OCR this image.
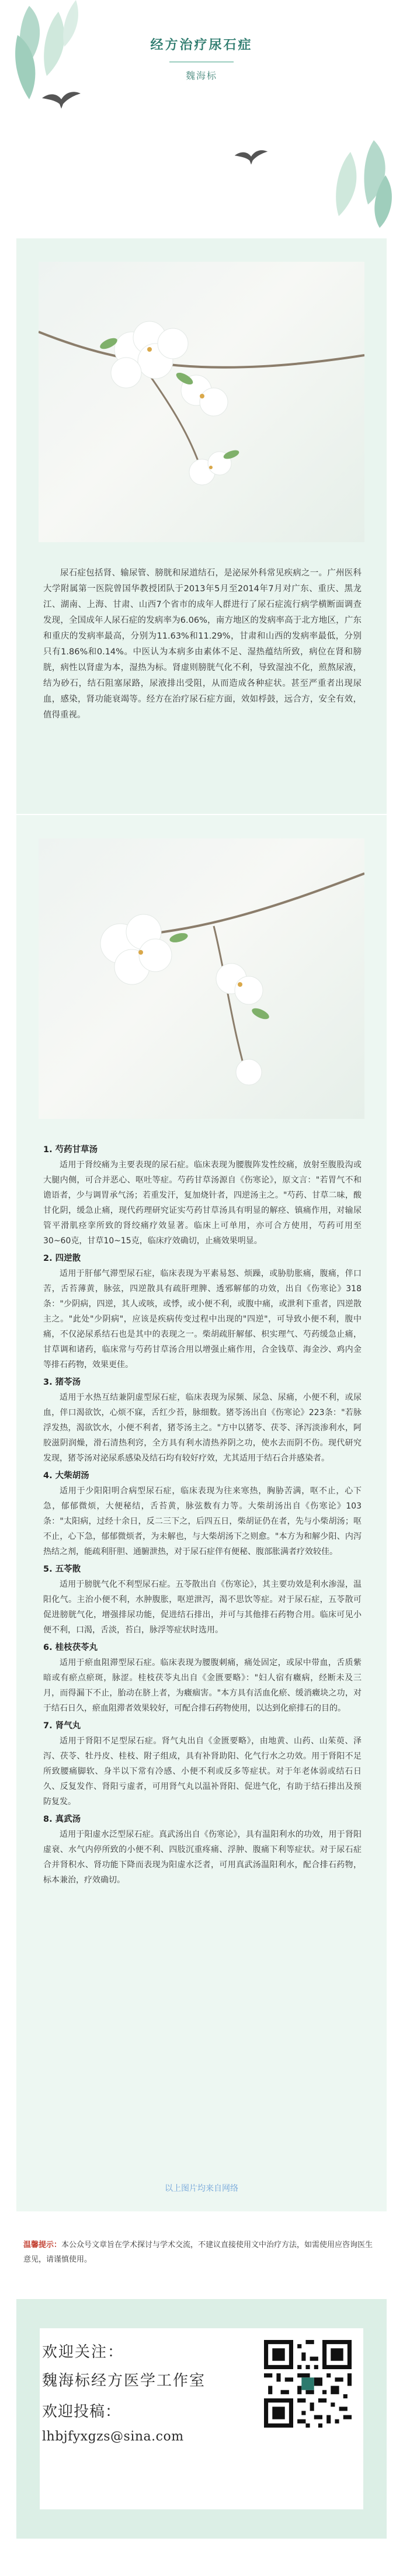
经方治疗尿石症
魏海标
尿石症包括肾、输尿管、膀胱和尿道结石，是泌尿外科常见疾病之一。广州医科大学附属第一医院曾国华教授团队于2013年5月至2014年7月对广东、重庆、黑龙江、湖南、上海、甘肃、山西7个省市的成年人群进行了尿石症流行病学横断面调查发现，全国成年人尿石症的发病率为6.06%，南方地区的发病率高于北方地区，广东和重庆的发病率最高，分别为11.63%和11.29%，甘肃和山西的发病率最低，分别只有1.86%和0.14%。中医认为本病多由素体不足、湿热蕴结所致，病位在肾和膀胱，病性以肾虚为本，湿热为标。肾虚则膀胱气化不利，导致湿浊不化，煎熬尿液，结为砂石，结石阻塞尿路，尿液排出受阻，从而造成各种症状。甚至严重者出现尿血，感染，肾功能衰竭等。经方在治疗尿石症方面，效如桴鼓，远合方，安全有效，值得重视。
1. 芍药甘草汤

适用于肾绞痛为主要表现的尿石症。临床表现为腰腹阵发性绞痛，放射至腹股沟或大腿内侧，可合并恶心、呕吐等症。芍药甘草汤源自《伤寒论》，原文言："若胃气不和谵语者，少与调胃承气汤；若重发汗，复加烧针者，四逆汤主之。"芍药、甘草二味，酸甘化阴，缓急止痛，现代药理研究证实芍药甘草汤具有明显的解痉、镇痛作用，对输尿管平滑肌痉挛所致的肾绞痛疗效显著。临床上可单用，亦可合方使用，芍药可用至30~60克，甘草10~15克，临床疗效确切，止痛效果明显。

2. 四逆散

适用于肝郁气滞型尿石症，临床表现为平素易怒、烦躁，或胁肋胀痛，腹痛，伴口苦，舌苔薄黄，脉弦，四逆散具有疏肝理脾、透邪解郁的功效，出自《伤寒论》318条："少阴病，四逆，其人或咳，或悸，或小便不利，或腹中痛，或泄利下重者，四逆散主之。"此处"少阴病"，应该是疾病传变过程中出现的"四逆"，可导致小便不利，腹中痛，不仅泌尿系结石也是其中的表现之一。柴胡疏肝解郁、枳实理气、芍药缓急止痛，甘草调和诸药，临床常与芍药甘草汤合用以增强止痛作用，合金钱草、海金沙、鸡内金等排石药物，效果更佳。

3. 猪苓汤

适用于水热互结兼阴虚型尿石症，临床表现为尿频、尿急、尿痛，小便不利，或尿血，伴口渴欲饮，心烦不寐，舌红少苔，脉细数。猪苓汤出自《伤寒论》223条："若脉浮发热，渴欲饮水，小便不利者，猪苓汤主之。"方中以猪苓、茯苓、泽泻淡渗利水，阿胶滋阴润燥，滑石清热利窍，全方具有利水清热养阴之功，使水去而阴不伤。现代研究发现，猪苓汤对泌尿系感染及结石均有较好疗效，尤其适用于结石合并感染者。

4. 大柴胡汤

适用于少阳阳明合病型尿石症，临床表现为往来寒热，胸胁苦满，呕不止，心下急，郁郁微烦，大便秘结，舌苔黄，脉弦数有力等。大柴胡汤出自《伤寒论》103条："太阳病，过经十余日，反二三下之，后四五日，柴胡证仍在者，先与小柴胡汤；呕不止，心下急，郁郁微烦者，为未解也，与大柴胡汤下之则愈。"本方为和解少阳、内泻热结之剂，能疏利肝胆、通腑泄热，对于尿石症伴有便秘、腹部胀满者疗效较佳。

5. 五苓散

适用于膀胱气化不利型尿石症。五苓散出自《伤寒论》，其主要功效是利水渗湿，温阳化气。主治小便不利，水肿腹胀，呕逆泄泻，渴不思饮等症。对于尿石症，五苓散可促进膀胱气化，增强排尿功能，促进结石排出，并可与其他排石药物合用。临床可见小便不利，口渴，舌淡，苔白，脉浮等症状时选用。

6. 桂枝茯苓丸

适用于瘀血阻滞型尿石症。临床表现为腰腹刺痛，痛处固定，或尿中带血，舌质紫暗或有瘀点瘀斑，脉涩。桂枝茯苓丸出自《金匮要略》："妇人宿有癥病，经断未及三月，而得漏下不止，胎动在脐上者，为癥痼害。"本方具有活血化瘀、缓消癥块之功，对于结石日久，瘀血阻滞者效果较好，可配合排石药物使用，以达到化瘀排石的目的。

7. 肾气丸

适用于肾阳不足型尿石症。肾气丸出自《金匮要略》，由地黄、山药、山茱萸、泽泻、茯苓、牡丹皮、桂枝、附子组成，具有补肾助阳、化气行水之功效。用于肾阳不足所致腰痛脚软、身半以下常有冷感、小便不利或反多等症状。对于年老体弱或结石日久、反复发作、肾阳亏虚者，可用肾气丸以温补肾阳、促进气化，有助于结石排出及预防复发。

8. 真武汤

适用于阳虚水泛型尿石症。真武汤出自《伤寒论》，具有温阳利水的功效，用于肾阳虚衰、水气内停所致的小便不利、四肢沉重疼痛、浮肿、腹痛下利等症状。对于尿石症合并肾积水、肾功能下降而表现为阳虚水泛者，可用真武汤温阳利水，配合排石药物，标本兼治，疗效确切。

以上图片均来自网络
温馨提示：本公众号文章旨在学术探讨与学术交流，不建议直接使用文中治疗方法，如需使用应咨询医生意见，请谨慎使用。
欢迎关注：
魏海标经方医学工作室
欢迎投稿：
lhbjfyxgzs@sina.com
